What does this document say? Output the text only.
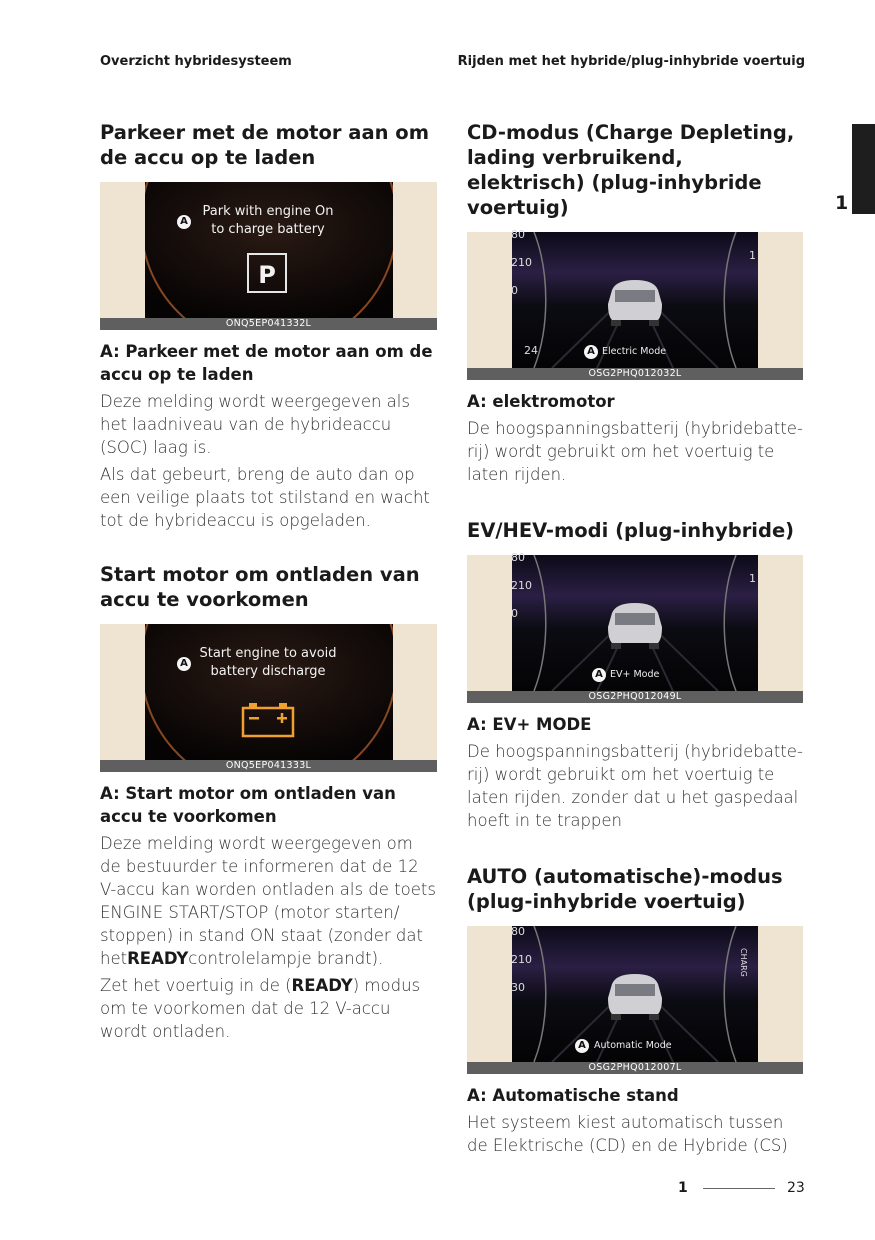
Overzicht hybridesysteem	Rijden met het hybride/plug-inhybride voertuig
1
Parkeer met de motor aan om de accu op te laden
A
Park with engine On
to charge battery
P
ONQ5EP041332L

A: Parkeer met de motor aan om de accu op te laden

Deze melding wordt weergegeven als het laadniveau van de hybrideaccu (SOC) laag is.

Als dat gebeurt, breng de auto dan op een veilige plaats tot stilstand en wacht tot de hybrideaccu is opgeladen.

Start motor om ontladen van accu te voorkomen
A
Start engine to avoid
battery discharge
ONQ5EP041333L

A: Start motor om ontladen van accu te voorkomen

Deze melding wordt weergegeven om de bestuurder te informeren dat de 12 V-accu kan worden ontladen als de toets ENGINE START/STOP (motor starten/ stoppen) in stand ON staat (zonder dat hetREADYcontrolelampje brandt).

Zet het voertuig in de (READY) modus om te voorkomen dat de 12 V-accu wordt ontladen.

CD-modus (Charge Depleting, lading verbruikend, elektrisch) (plug-inhybride voertuig)
80
210
0
1
24	A Electric Mode
OSG2PHQ012032L

A: elektromotor

De hoogspanningsbatterij (hybridebatte-rij) wordt gebruikt om het voertuig te laten rijden.

EV/HEV-modi (plug-inhybride)
80
210
0
1
A EV+ Mode
OSG2PHQ012049L

A: EV+ MODE

De hoogspanningsbatterij (hybridebatte-rij) wordt gebruikt om het voertuig te laten rijden. zonder dat u het gaspedaal hoeft in te trappen

AUTO (automatische)-modus (plug-inhybride voertuig)
80
210
30
CHARG
A Automatic Mode
OSG2PHQ012007L

A: Automatische stand

Het systeem kiest automatisch tussen de Elektrische (CD) en de Hybride (CS)

1	23
